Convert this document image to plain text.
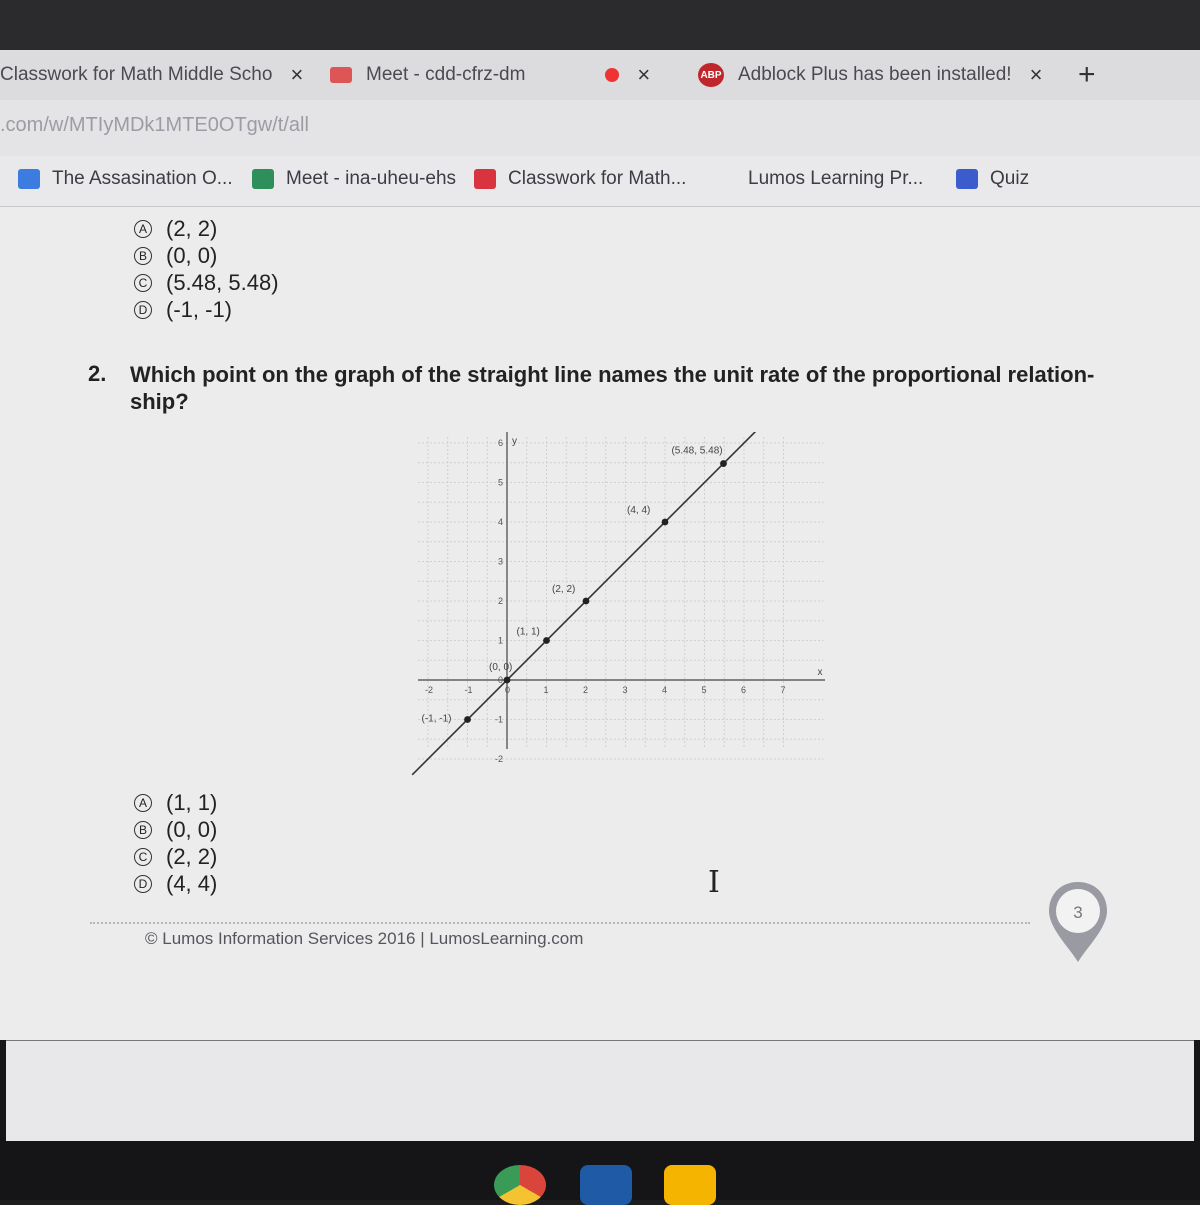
Classwork for Math Middle Scho ×	Meet - cdd-cfrz-dm	×	ABP Adblock Plus has been installed! × +
.com/w/MTIyMDk1MTE0OTgw/t/all
The Assasination O...	Meet - ina-uheu-ehs	Classwork for Math...	Lumos Learning Pr...	Quiz
A (2, 2)
B (0, 0)
C (5.48, 5.48)
D (-1, -1)
2. Which point on the graph of the straight line names the unit rate of the proportional relation-ship?
x
y
-2	-1	0	1	2	3	4	5	6	7
-2
-1
0
1
2
3
4
5
6
(-1, -1)
(0, 0)
(1, 1)
(2, 2)
(4, 4)
(5.48, 5.48)
A (1, 1)
B (0, 0)
C (2, 2)
D (4, 4)	I
© Lumos Information Services 2016 | LumosLearning.com
3
